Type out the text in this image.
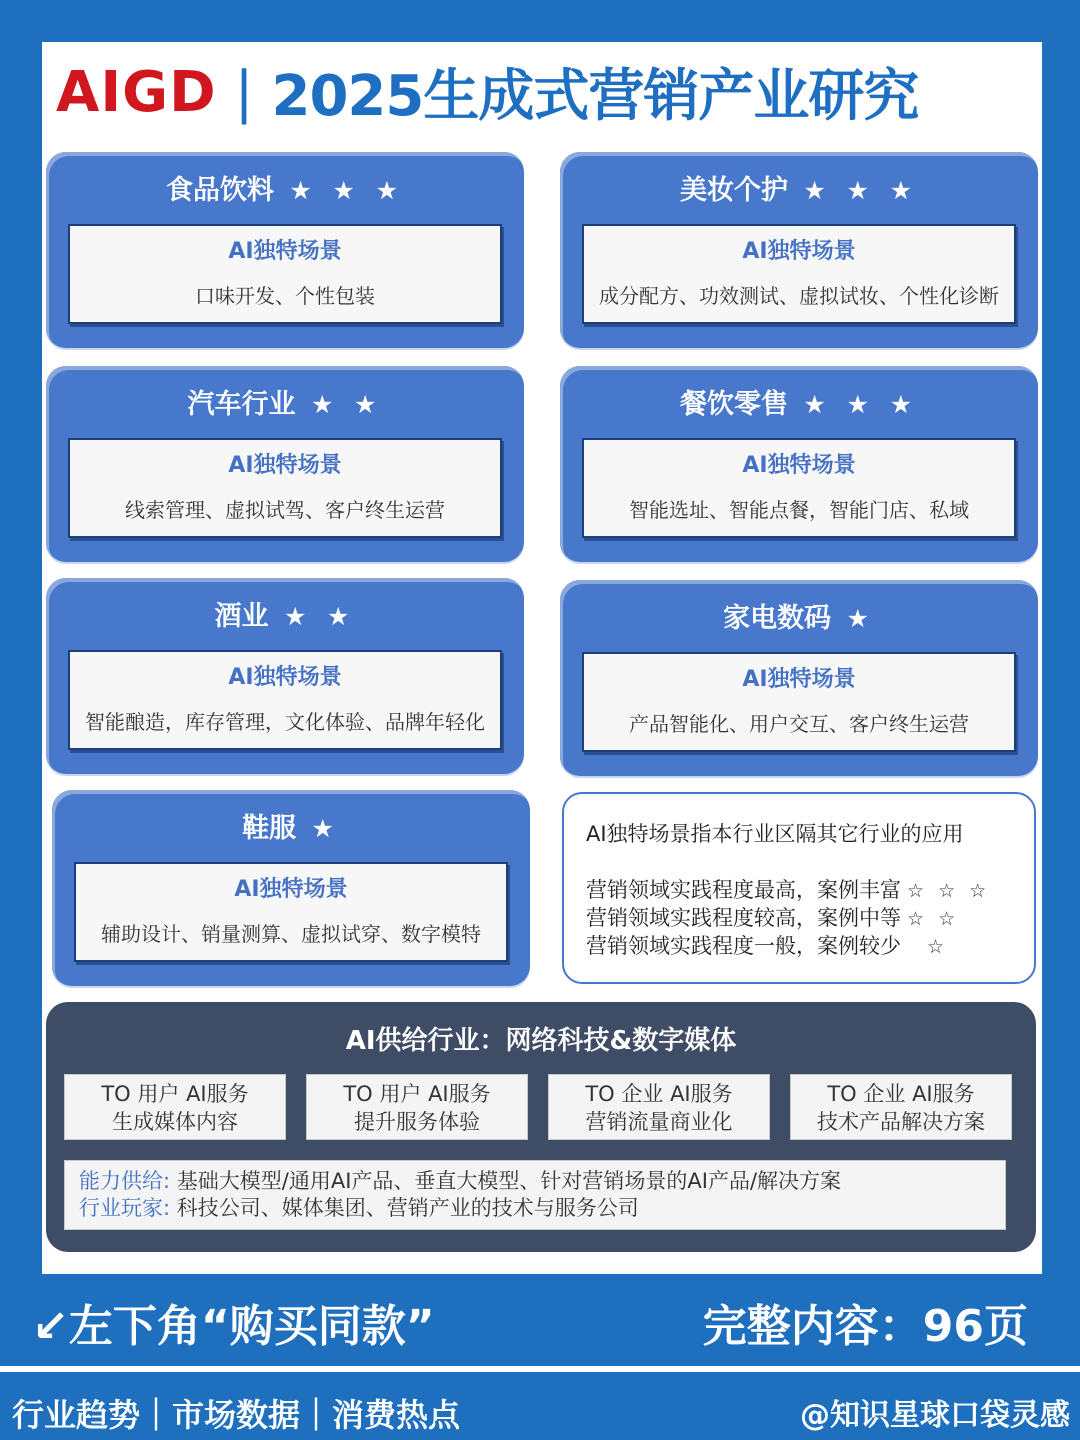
AIGD | 2025生成式营销产业研究
食品饮料 ★ ★ ★
AI独特场景
口味开发、个性包装
美妆个护 ★ ★ ★
AI独特场景
成分配方、功效测试、虚拟试妆、个性化诊断
汽车行业 ★ ★
AI独特场景
线索管理、虚拟试驾、客户终生运营
餐饮零售 ★ ★ ★
AI独特场景
智能选址、智能点餐，智能门店、私域
酒业 ★ ★
AI独特场景
智能酿造，库存管理，文化体验、品牌年轻化
家电数码 ★
AI独特场景
产品智能化、用户交互、客户终生运营
鞋服 ★
AI独特场景
辅助设计、销量测算、虚拟试穿、数字模特
AI独特场景指本行业区隔其它行业的应用
营销领域实践程度最高，案例丰富 ☆ ☆ ☆
营销领域实践程度较高，案例中等 ☆ ☆
营销领域实践程度一般，案例较少 ☆
AI供给行业：网络科技&数字媒体
TO 用户 AI服务
生成媒体内容
TO 用户 AI服务
提升服务体验
TO 企业 AI服务
营销流量商业化
TO 企业 AI服务
技术产品解决方案
能力供给: 基础大模型/通用AI产品、垂直大模型、针对营销场景的AI产品/解决方案
行业玩家: 科技公司、媒体集团、营销产业的技术与服务公司
↙左下角“购买同款”	完整内容：96页
行业趋势｜市场数据｜消费热点	@知识星球口袋灵感
